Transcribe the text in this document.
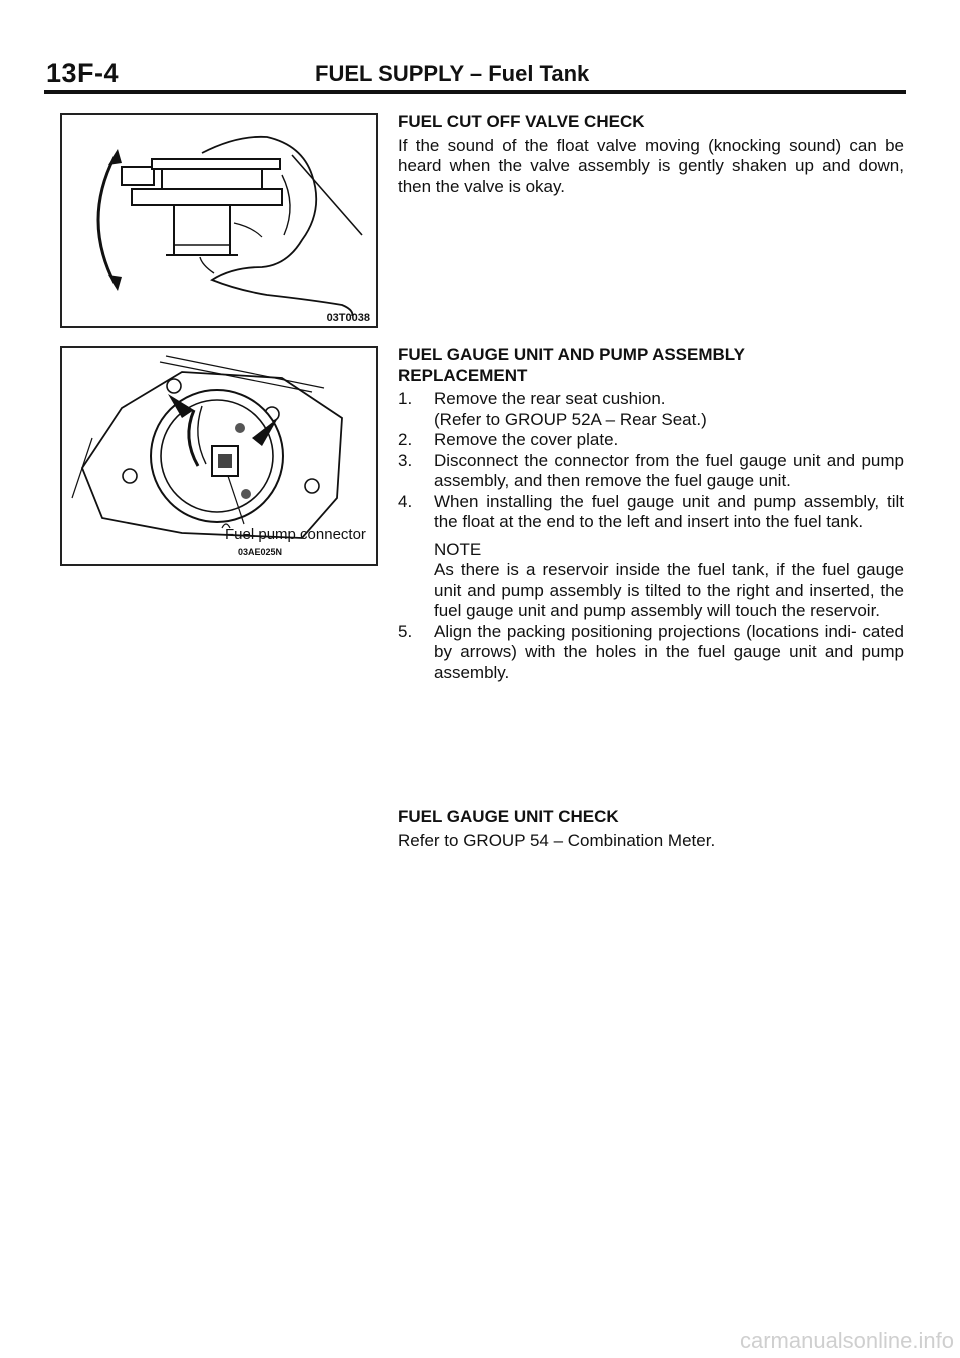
13F-4	FUEL SUPPLY – Fuel Tank
03T0038
Fuel pump connector
03AE025N
FUEL CUT OFF VALVE CHECK
If the sound of the float valve moving (knocking sound) can be heard when the valve assembly is gently shaken up and down, then the valve is okay.
FUEL GAUGE UNIT AND PUMP ASSEMBLY
REPLACEMENT
1. Remove the rear seat cushion.
(Refer to GROUP 52A – Rear Seat.)
2. Remove the cover plate.
3. Disconnect the connector from the fuel gauge unit and pump assembly, and then remove the fuel gauge unit.
4. When installing the fuel gauge unit and pump assembly, tilt the float at the end to the left and insert into the fuel tank.
NOTE
As there is a reservoir inside the fuel tank, if the fuel gauge unit and pump assembly is tilted to the right and inserted, the fuel gauge unit and pump assembly will touch the reservoir.
5. Align the packing positioning projections (locations indi- cated by arrows) with the holes in the fuel gauge unit and pump assembly.
FUEL GAUGE UNIT CHECK
Refer to GROUP 54 – Combination Meter.
carmanualsonline.info
